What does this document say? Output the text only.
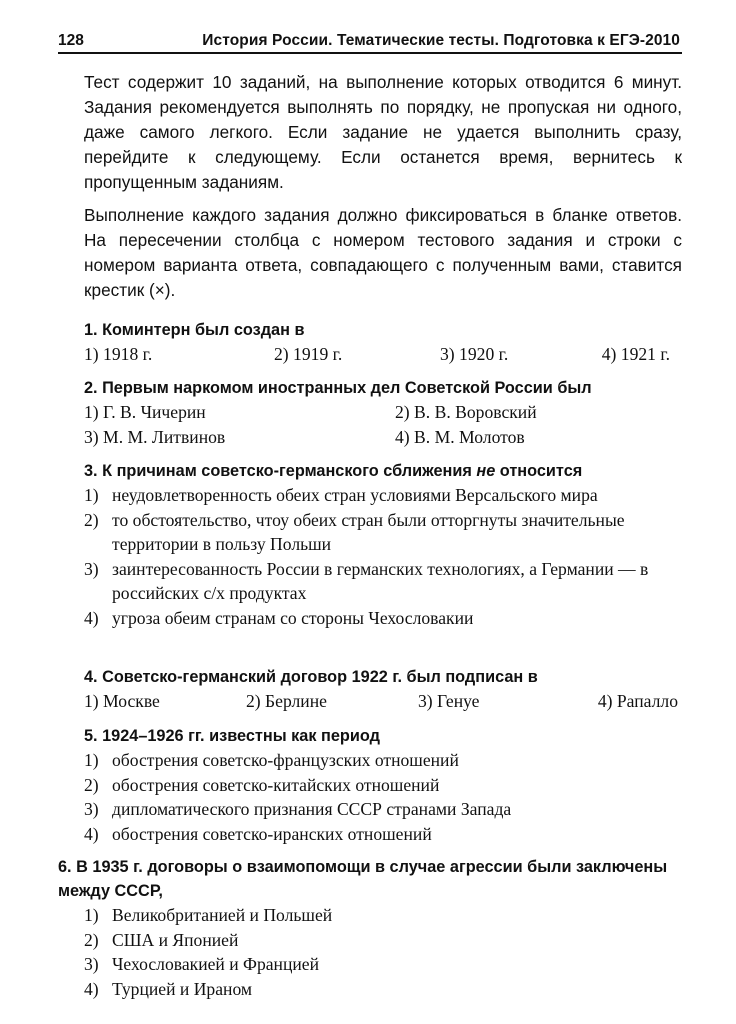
128	История России. Тематические тесты. Подготовка к ЕГЭ-2010

Тест содержит 10 заданий, на выполнение которых отводится 6 минут. Задания рекомендуется выполнять по порядку, не пропуская ни одного, даже самого легкого. Если задание не удается выполнить сразу, перейдите к следующему. Если останется время, вернитесь к пропущенным заданиям.

Выполнение каждого задания должно фиксироваться в бланке ответов. На пересечении столбца с номером тестового задания и строки с номером варианта ответа, совпадающего с полученным вами, ставится крестик (×).

1. Коминтерн был создан в
1) 1918 г.	2) 1919 г.	3) 1920 г.	4) 1921 г.
2. Первым наркомом иностранных дел Советской России был
1) Г. В. Чичерин	2) В. В. Воровский
3) М. М. Литвинов	4) В. М. Молотов
3. К причинам советско-германского сближения не относится
1) неудовлетворенность обеих стран условиями Версальского мира
2) то обстоятельство, чтоу обеих стран были отторгнуты значительные территории в пользу Польши
3) заинтересованность России в германских технологиях, а Германии — в российских с/х продуктах
4) угроза обеим странам со стороны Чехословакии
4. Советско-германский договор 1922 г. был подписан в
1) Москве	2) Берлине	3) Генуе	4) Рапалло
5. 1924–1926 гг. известны как период
1) обострения советско-французских отношений
2) обострения советско-китайских отношений
3) дипломатического признания СССР странами Запада
4) обострения советско-иранских отношений
6. В 1935 г. договоры о взаимопомощи в случае агрессии были заключены между СССР,
1) Великобританией и Польшей
2) США и Японией
3) Чехословакией и Францией
4) Турцией и Ираном
